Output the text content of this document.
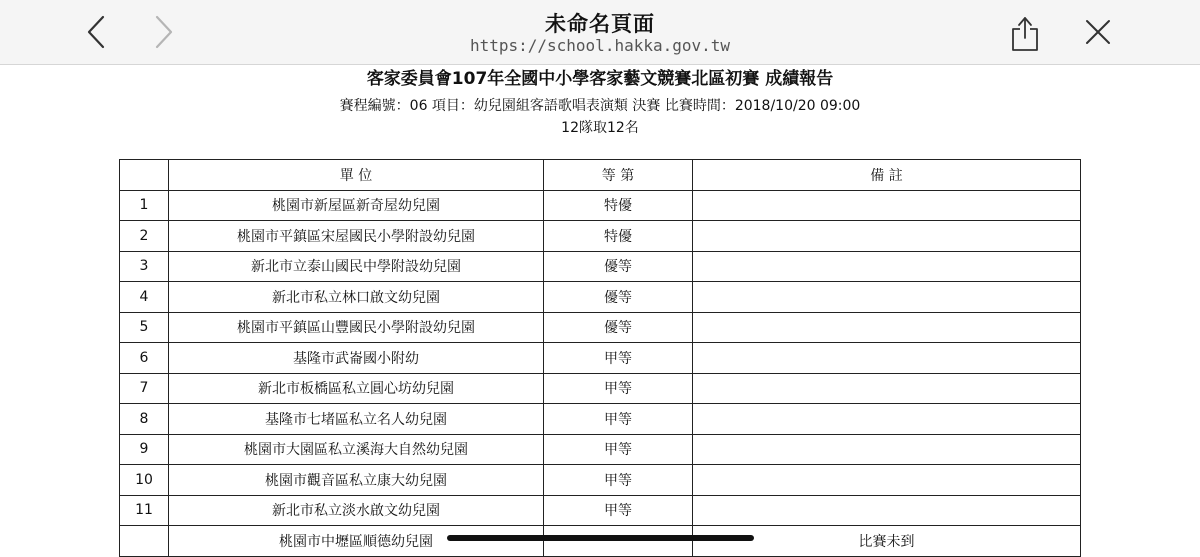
未命名頁面
https://school.hakka.gov.tw
客家委員會107年全國中小學客家藝文競賽北區初賽 成績報告
賽程編號：06 項目：幼兒園組客語歌唱表演類 決賽 比賽時間：2018/10/20 09:00
12隊取12名
	單 位	等 第	備 註
1	桃園市新屋區新奇屋幼兒園	特優	
2	桃園市平鎮區宋屋國民小學附設幼兒園	特優	
3	新北市立泰山國民中學附設幼兒園	優等	
4	新北市私立林口啟文幼兒園	優等	
5	桃園市平鎮區山豐國民小學附設幼兒園	優等	
6	基隆市武崙國小附幼	甲等	
7	新北市板橋區私立圓心坊幼兒園	甲等	
8	基隆市七堵區私立名人幼兒園	甲等	
9	桃園市大園區私立溪海大自然幼兒園	甲等	
10	桃園市觀音區私立康大幼兒園	甲等	
11	新北市私立淡水啟文幼兒園	甲等	
	桃園市中壢區順德幼兒園		比賽未到
